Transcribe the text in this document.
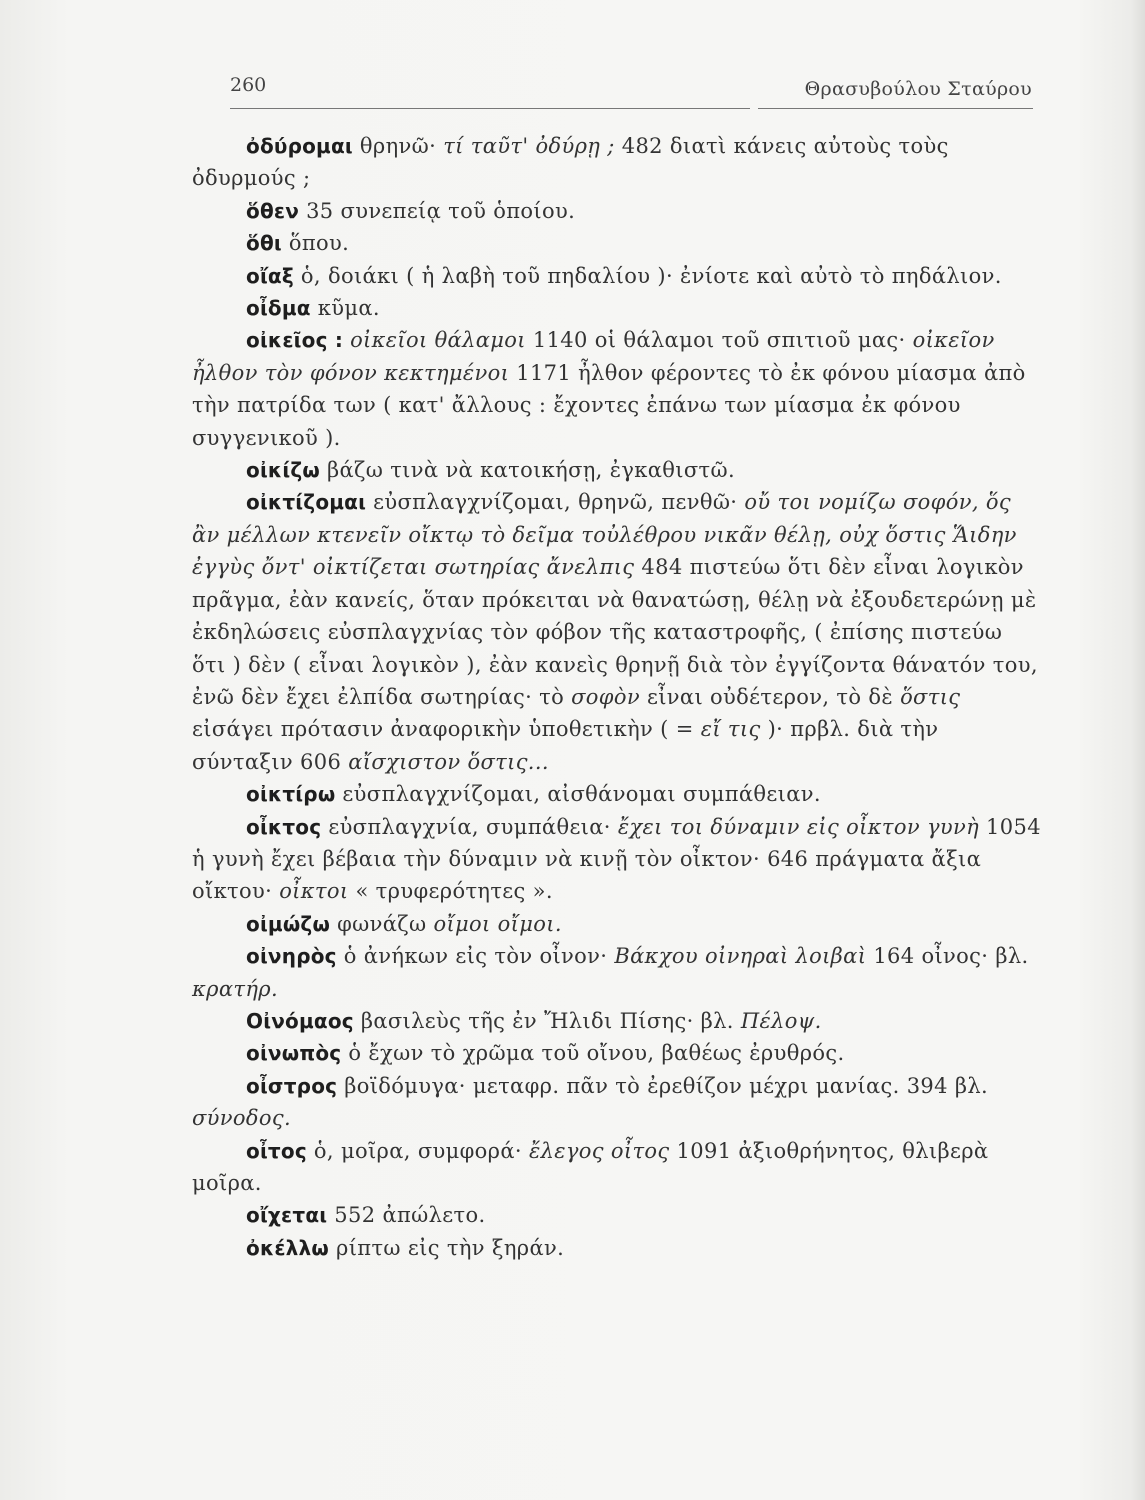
260	Θρασυβούλου Σταύρου

ὀδύρομαι θρηνῶ· τί ταῦτ' ὀδύρῃ ; 482 διατὶ κάνεις αὐτοὺς τοὺς ὀδυρμούς ;

ὅθεν 35 συνεπείᾳ τοῦ ὁποίου.

ὅθι ὅπου.

οἴαξ ὁ, δοιάκι ( ἡ λαβὴ τοῦ πηδαλίου )· ἐνίοτε καὶ αὐτὸ τὸ πηδάλιον.

οἶδμα κῦμα.

οἰκεῖος : οἰκεῖοι θάλαμοι 1140 οἱ θάλαμοι τοῦ σπιτιοῦ μας· οἰκεῖον ἦλθον τὸν φόνον κεκτημένοι 1171 ἦλθον φέροντες τὸ ἐκ φόνου μίασμα ἀπὸ τὴν πατρίδα των ( κατ' ἄλλους : ἔχοντες ἐπάνω των μίασμα ἐκ φόνου συγγενικοῦ ).

οἰκίζω βάζω τινὰ νὰ κατοικήσῃ, ἐγκαθιστῶ.

οἰκτίζομαι εὐσπλαγχνίζομαι, θρηνῶ, πενθῶ· οὔ τοι νομίζω σοφόν, ὅς ἂν μέλλων κτενεῖν οἴκτῳ τὸ δεῖμα τοὐλέθρου νικᾶν θέλῃ, οὐχ ὅστις Ἅιδην ἐγγὺς ὄντ' οἰκτίζεται σωτηρίας ἄνελπις 484 πιστεύω ὅτι δὲν εἶναι λογικὸν πρᾶγμα, ἐὰν κανείς, ὅταν πρόκειται νὰ θανατώσῃ, θέλῃ νὰ ἐξουδετερώνῃ μὲ ἐκδηλώσεις εὐσπλαγχνίας τὸν φόβον τῆς καταστροφῆς, ( ἐπίσης πιστεύω ὅτι ) δὲν ( εἶναι λογικὸν ), ἐὰν κανεὶς θρηνῇ διὰ τὸν ἐγγίζοντα θάνατόν του, ἐνῶ δὲν ἔχει ἐλπίδα σωτηρίας· τὸ σοφὸν εἶναι οὐδέτερον, τὸ δὲ ὅστις εἰσάγει πρότασιν ἀναφορικὴν ὑποθετικὴν ( = εἴ τις )· πρβλ. διὰ τὴν σύνταξιν 606 αἴσχιστον ὅστις...

οἰκτίρω εὐσπλαγχνίζομαι, αἰσθάνομαι συμπάθειαν.

οἶκτος εὐσπλαγχνία, συμπάθεια· ἔχει τοι δύναμιν εἰς οἶκτον γυνὴ 1054 ἡ γυνὴ ἔχει βέβαια τὴν δύναμιν νὰ κινῇ τὸν οἶκτον· 646 πράγματα ἄξια οἴκτου· οἶκτοι « τρυφερότητες ».

οἰμώζω φωνάζω οἴμοι οἴμοι.

οἰνηρὸς ὁ ἀνήκων εἰς τὸν οἶνον· Βάκχου οἰνηραὶ λοιβαὶ 164 οἶνος· βλ. κρατήρ.

Οἰνόμαος βασιλεὺς τῆς ἐν Ἤλιδι Πίσης· βλ. Πέλοψ.

οἰνωπὸς ὁ ἔχων τὸ χρῶμα τοῦ οἴνου, βαθέως ἐρυθρός.

οἶστρος βοϊδόμυγα· μεταφρ. πᾶν τὸ ἐρεθίζον μέχρι μανίας. 394 βλ. σύνοδος.

οἶτος ὁ, μοῖρα, συμφορά· ἔλεγος οἶτος 1091 ἀξιοθρήνητος, θλιβερὰ μοῖρα.

οἴχεται 552 ἀπώλετο.

ὀκέλλω ρίπτω εἰς τὴν ξηράν.
